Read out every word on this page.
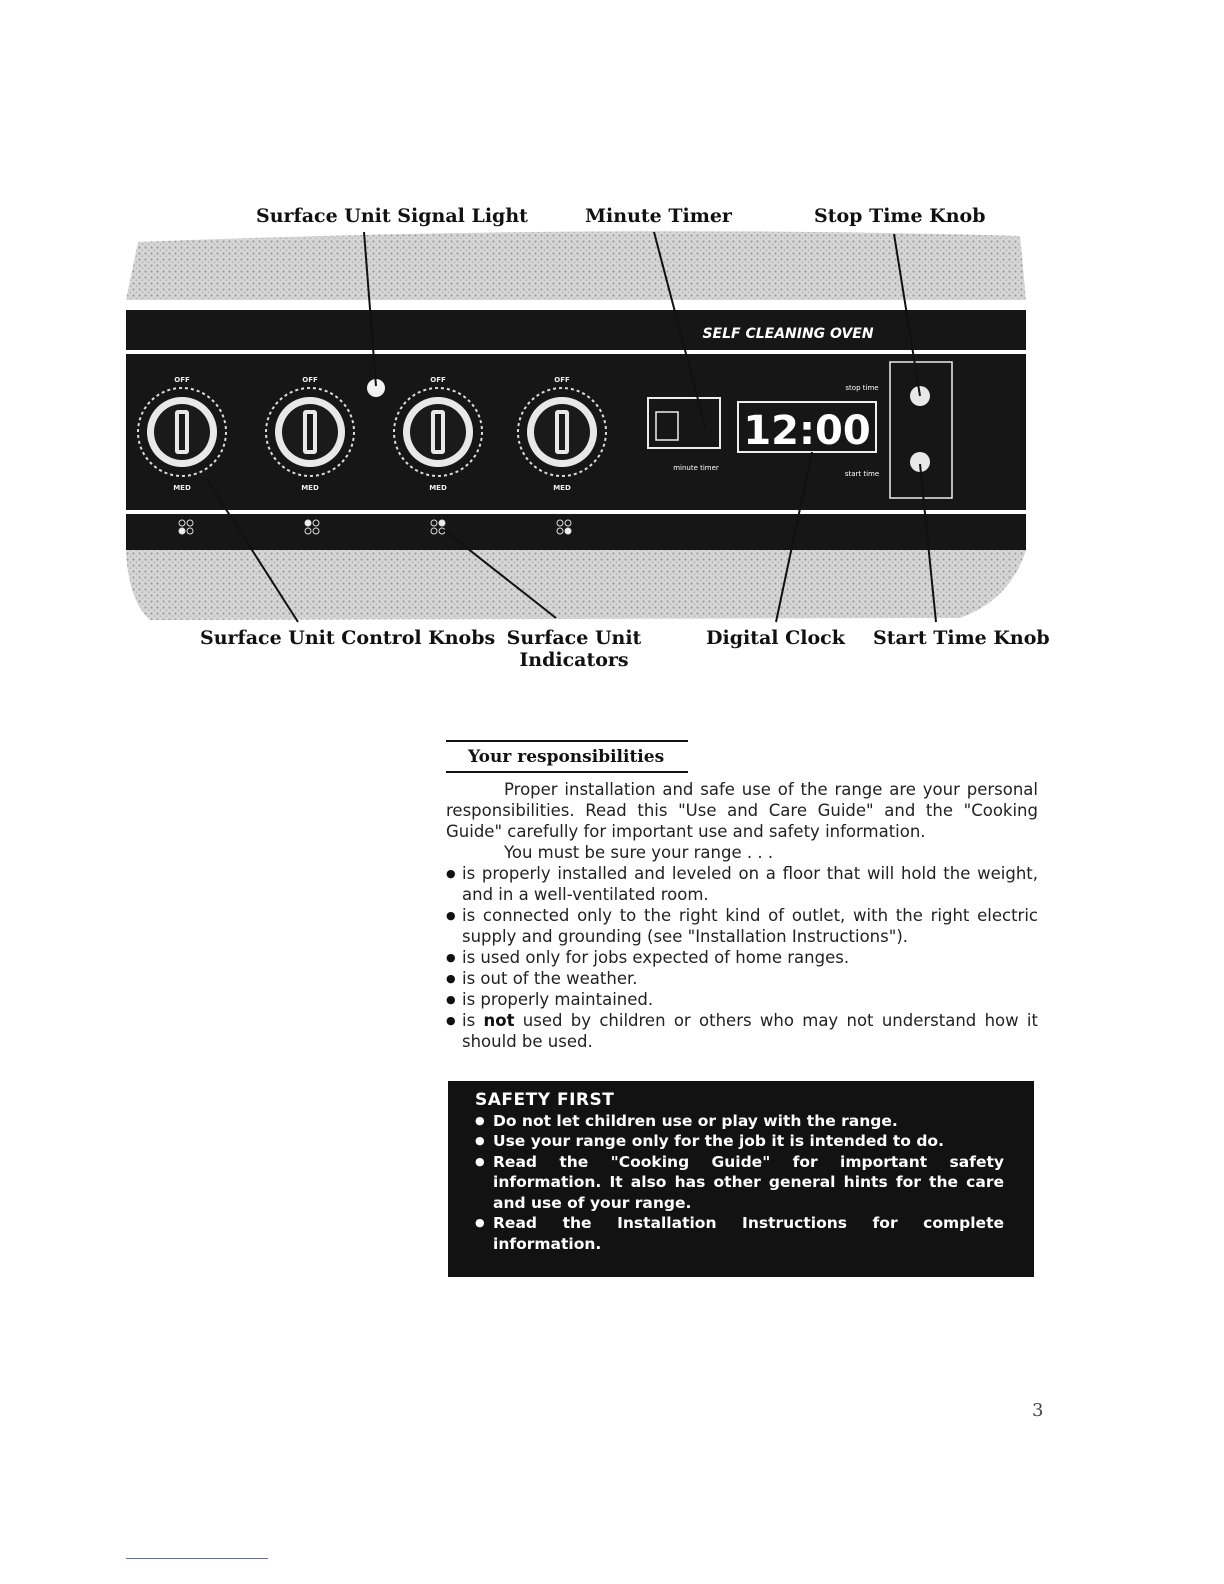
SELF CLEANING OVEN
OFF
MED
OFF
MED
OFF
MED
OFF
MED
minute timer
12:00
stop time
start time
Surface Unit Signal Light	Minute Timer	Stop Time Knob
Surface Unit Control Knobs Surface Unit
Indicators
Digital Clock Start Time Knob
Your responsibilities

Proper installation and safe use of the range are your personal responsibilities. Read this "Use and Care Guide" and the "Cooking Guide" carefully for important use and safety information.

You must be sure your range . . .

● is properly installed and leveled on a floor that will hold the weight, and in a well-ventilated room.
● is connected only to the right kind of outlet, with the right electric supply and grounding (see "Installation Instructions").
● is used only for jobs expected of home ranges.
● is out of the weather.
● is properly maintained.
● is not used by children or others who may not understand how it should be used.
SAFETY FIRST
● Do not let children use or play with the range.
● Use your range only for the job it is intended to do.
● Read the "Cooking Guide" for important safety information. It also has other general hints for the care and use of your range.
● Read the Installation Instructions for complete information.
3
